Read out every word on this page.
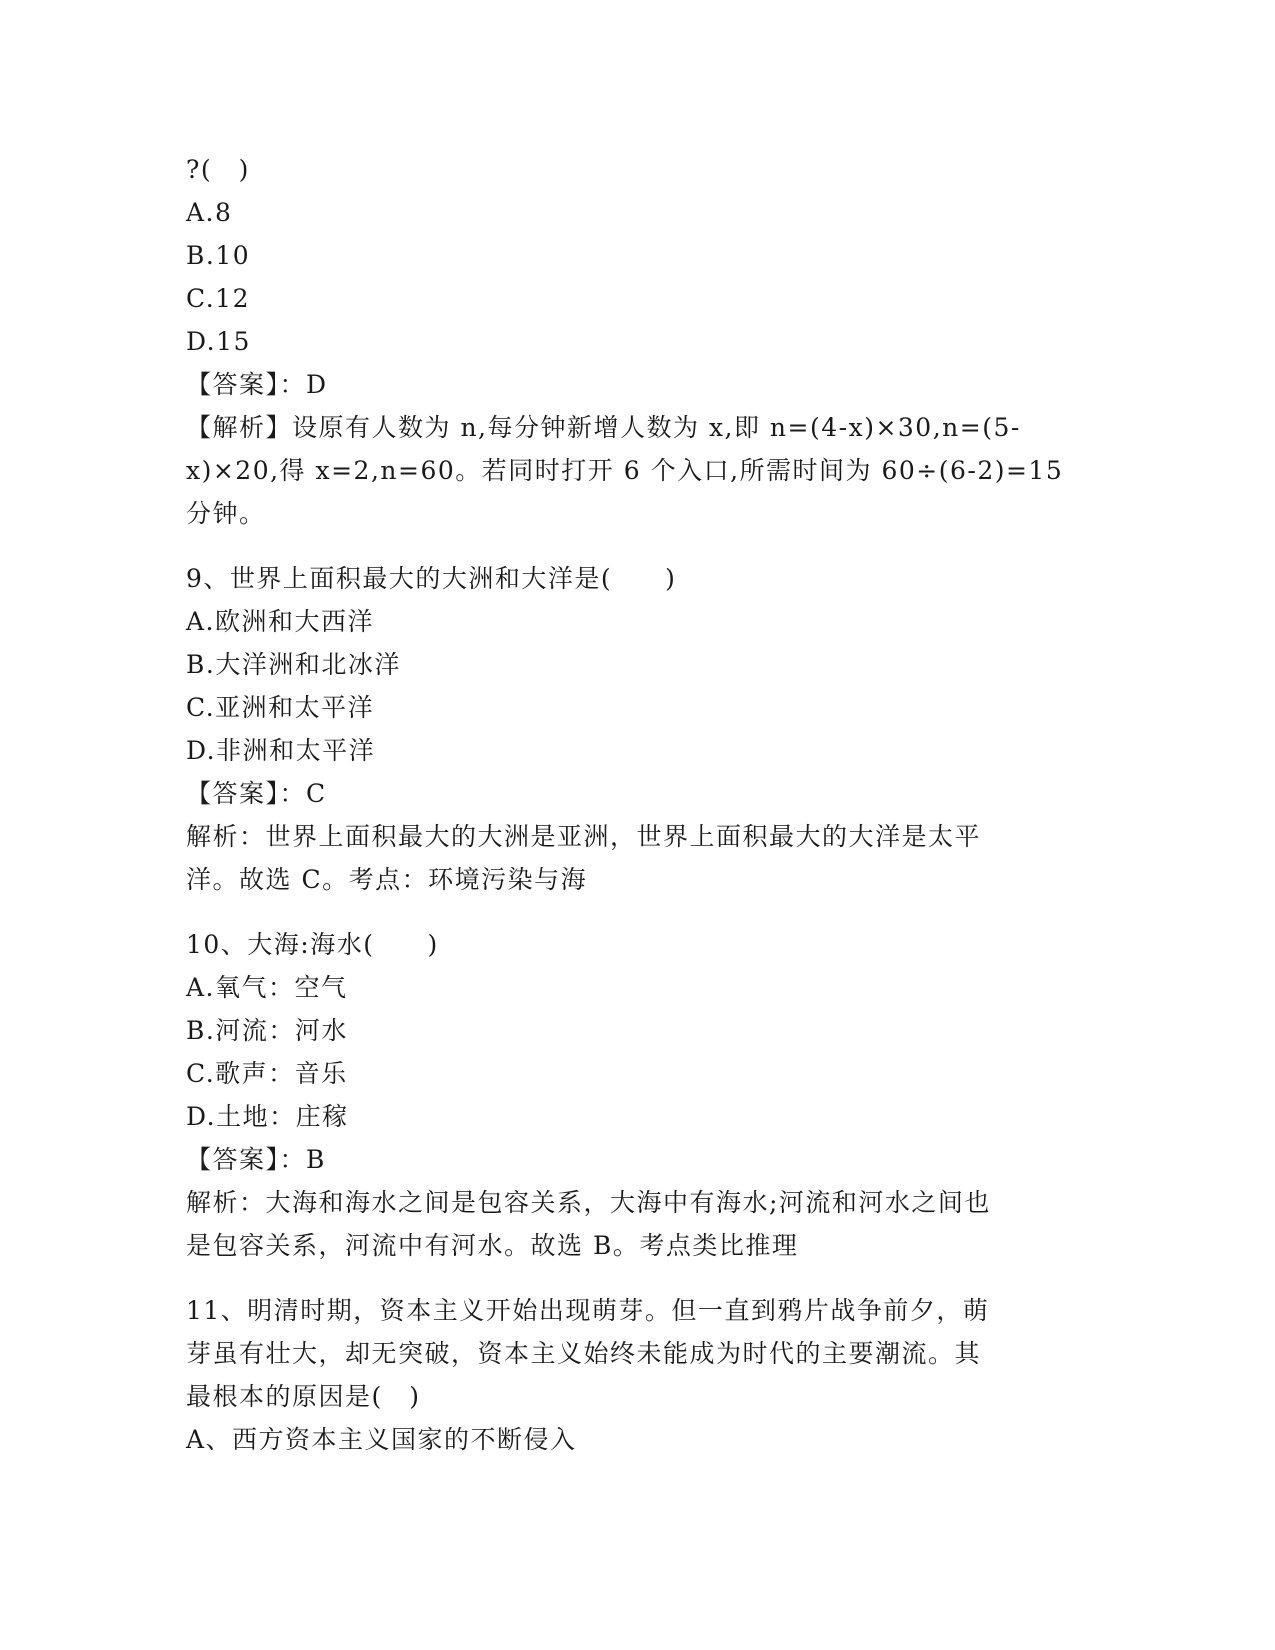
?(　)
A.8
B.10
C.12
D.15
【答案】：D
【解析】设原有人数为 n,每分钟新增人数为 x,即 n=(4-x)×30,n=(5-
x)×20,得 x=2,n=60。若同时打开 6 个入口,所需时间为 60÷(6-2)=15
分钟。
9、世界上面积最大的大洲和大洋是(　　)
A.欧洲和大西洋
B.大洋洲和北冰洋
C.亚洲和太平洋
D.非洲和太平洋
【答案】：C
解析：世界上面积最大的大洲是亚洲，世界上面积最大的大洋是太平
洋。故选 C。考点：环境污染与海
10、大海:海水(　　)
A.氧气：空气
B.河流：河水
C.歌声：音乐
D.土地：庄稼
【答案】：B
解析：大海和海水之间是包容关系，大海中有海水;河流和河水之间也
是包容关系，河流中有河水。故选 B。考点类比推理
11、明清时期，资本主义开始出现萌芽。但一直到鸦片战争前夕，萌
芽虽有壮大，却无突破，资本主义始终未能成为时代的主要潮流。其
最根本的原因是(　)
A、西方资本主义国家的不断侵入
